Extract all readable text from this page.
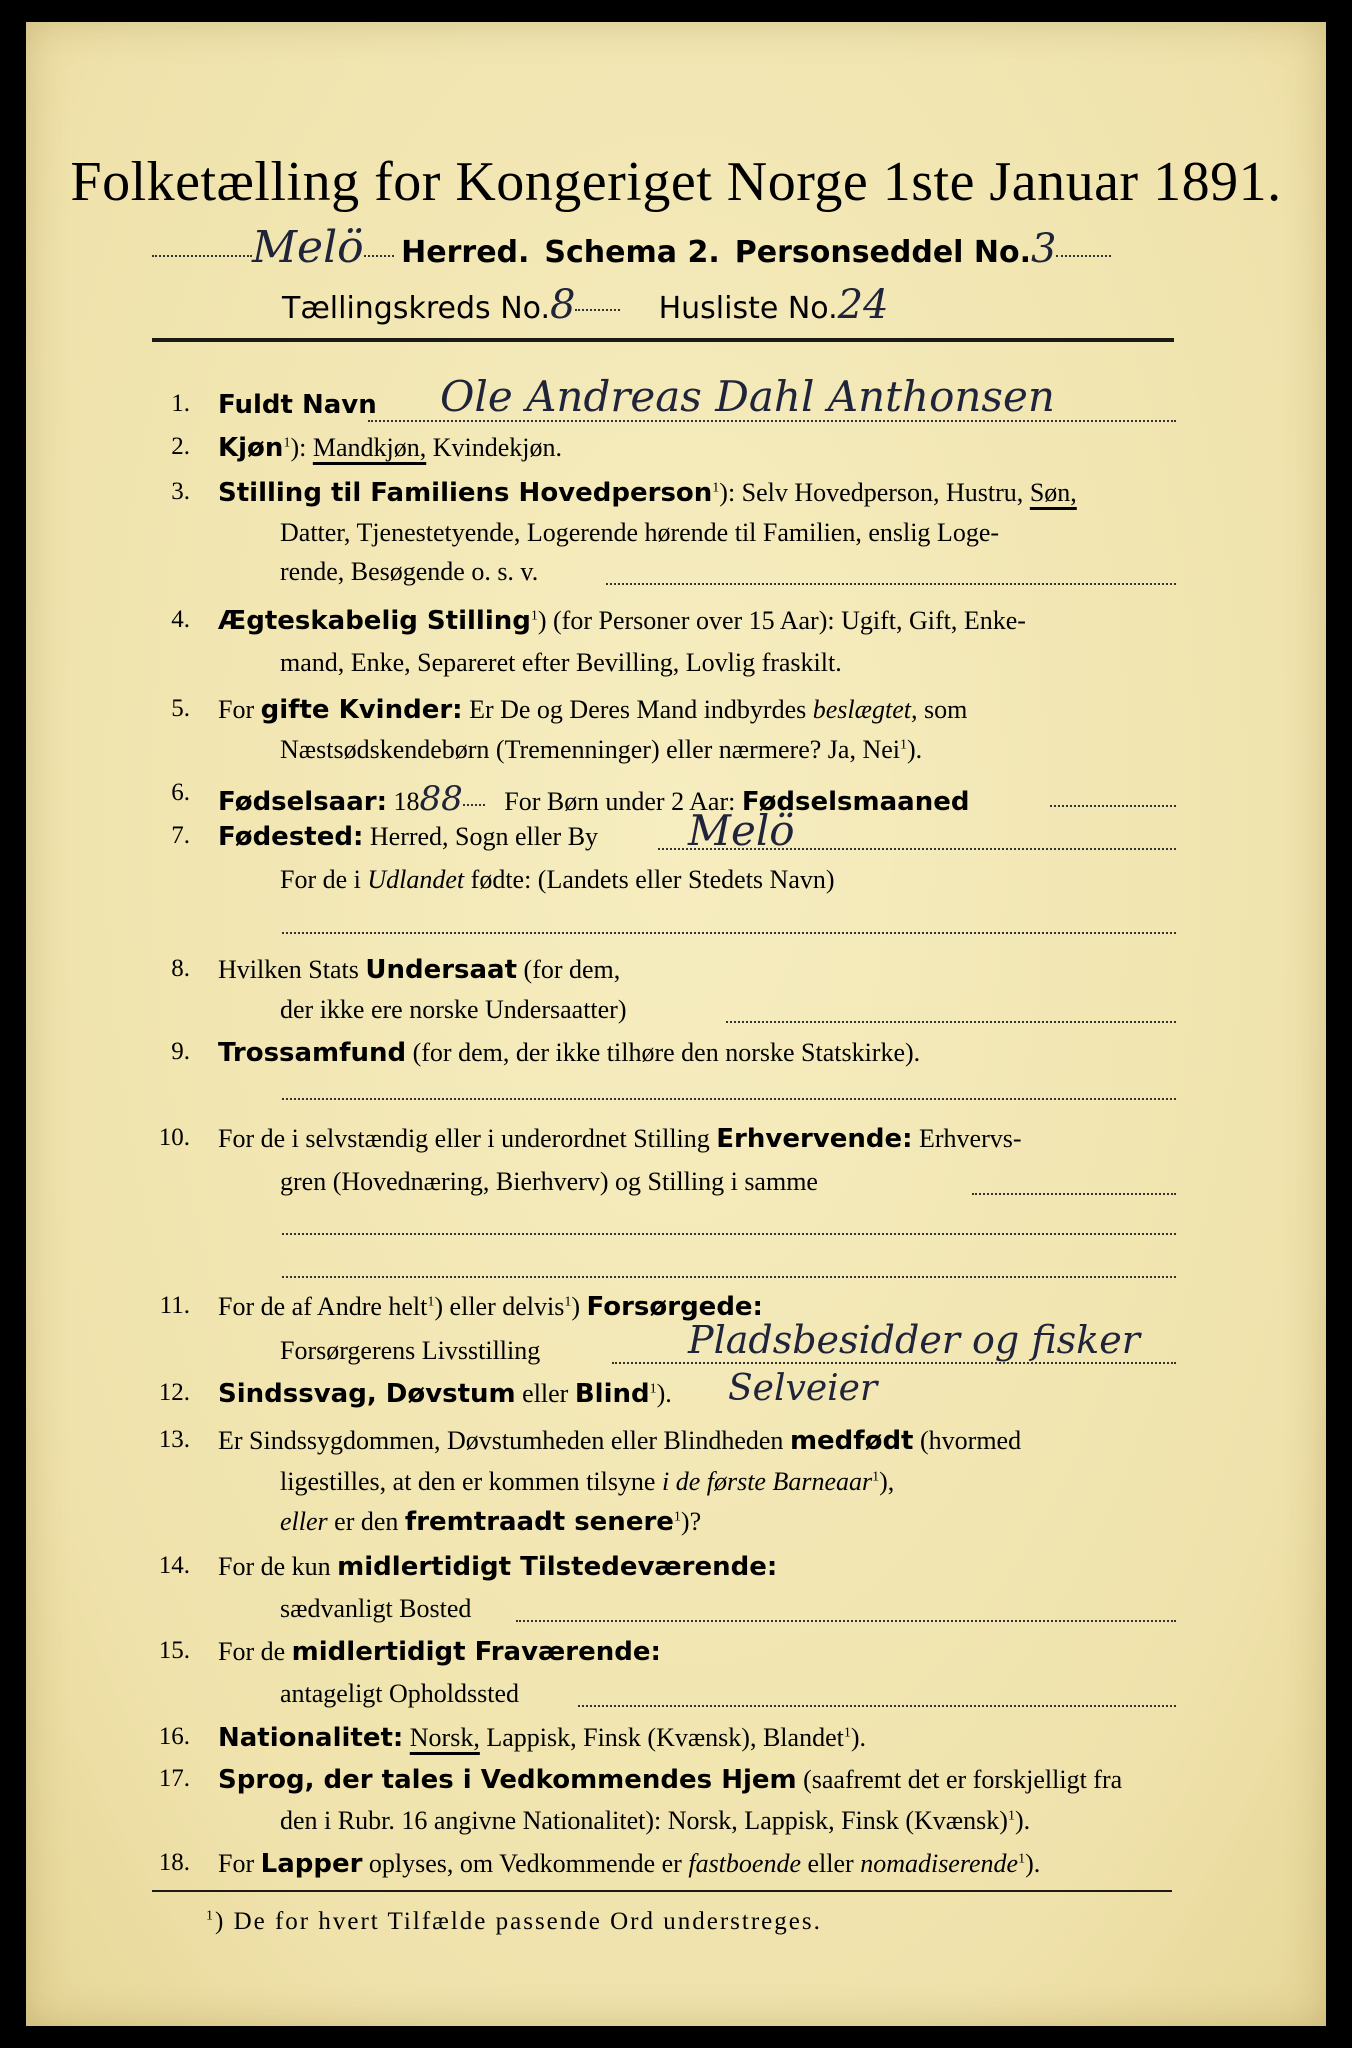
Folketælling for Kongeriget Norge 1ste Januar 1891.
Melö Herred. Schema 2. Personseddel No.3
Tællingskreds No.8	Husliste No.24
1. Fuldt Navn Ole Andreas Dahl Anthonsen
2. Kjøn$^1$): Mandkjøn, Kvindekjøn.
3. Stilling til Familiens Hovedperson$^1$): Selv Hovedperson, Hustru, Søn,
Datter, Tjenestetyende, Logerende hørende til Familien, enslig Loge-
rende, Besøgende o. s. v.
4. Ægteskabelig Stilling$^1$) (for Personer over 15 Aar): Ugift, Gift, Enke-
mand, Enke, Separeret efter Bevilling, Lovlig fraskilt.
5. For gifte Kvinder: Er De og Deres Mand indbyrdes beslægtet, som
Næstsødskendebørn (Tremenninger) eller nærmere? Ja, Nei$^1$).
6. Fødselsaar: 1888 For Børn under 2 Aar: Fødselsmaaned
7. Fødested: Herred, Sogn eller By Melö
For de i Udlandet fødte: (Landets eller Stedets Navn)
8. Hvilken Stats Undersaat (for dem,
der ikke ere norske Undersaatter)
9. Trossamfund (for dem, der ikke tilhøre den norske Statskirke).
10. For de i selvstændig eller i underordnet Stilling Erhvervende: Erhvervs-
gren (Hovednæring, Bierhverv) og Stilling i samme
11. For de af Andre helt$^1$) eller delvis$^1$) Forsørgede:
Forsørgerens Livsstilling	Pladsbesidder og fisker
12. Sindssvag, Døvstum eller Blind$^1$). Selveier
13. Er Sindssygdommen, Døvstumheden eller Blindheden medfødt (hvormed
ligestilles, at den er kommen tilsyne i de første Barneaar$^1$),
eller er den fremtraadt senere$^1$)?
14. For de kun midlertidigt Tilstedeværende:
sædvanligt Bosted
15. For de midlertidigt Fraværende:
antageligt Opholdssted
16. Nationalitet: Norsk, Lappisk, Finsk (Kvænsk), Blandet$^1$).
17. Sprog, der tales i Vedkommendes Hjem (saafremt det er forskjelligt fra
den i Rubr. 16 angivne Nationalitet): Norsk, Lappisk, Finsk (Kvænsk)$^1$).
18. For Lapper oplyses, om Vedkommende er fastboende eller nomadiserende$^1$).
$^1$) De for hvert Tilfælde passende Ord understreges.
